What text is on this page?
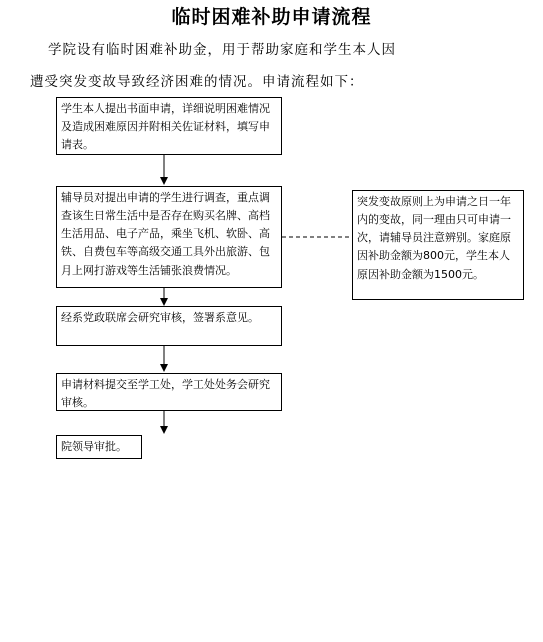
临时困难补助申请流程
学院设有临时困难补助金，用于帮助家庭和学生本人因
遭受突发变故导致经济困难的情况。申请流程如下：
学生本人提出书面申请，详细说明困难情况及造成困难原因并附相关佐证材料，填写申请表。
辅导员对提出申请的学生进行调查，重点调查该生日常生活中是否存在购买名牌、高档生活用品、电子产品，乘坐飞机、软卧、高铁、自费包车等高级交通工具外出旅游、包月上网打游戏等生活铺张浪费情况。
经系党政联席会研究审核，签署系意见。
申请材料提交至学工处，学工处处务会研究审核。
院领导审批。
突发变故原则上为申请之日一年内的变故，同一理由只可申请一次，请辅导员注意辨别。家庭原因补助金额为800元，学生本人原因补助金额为1500元。
